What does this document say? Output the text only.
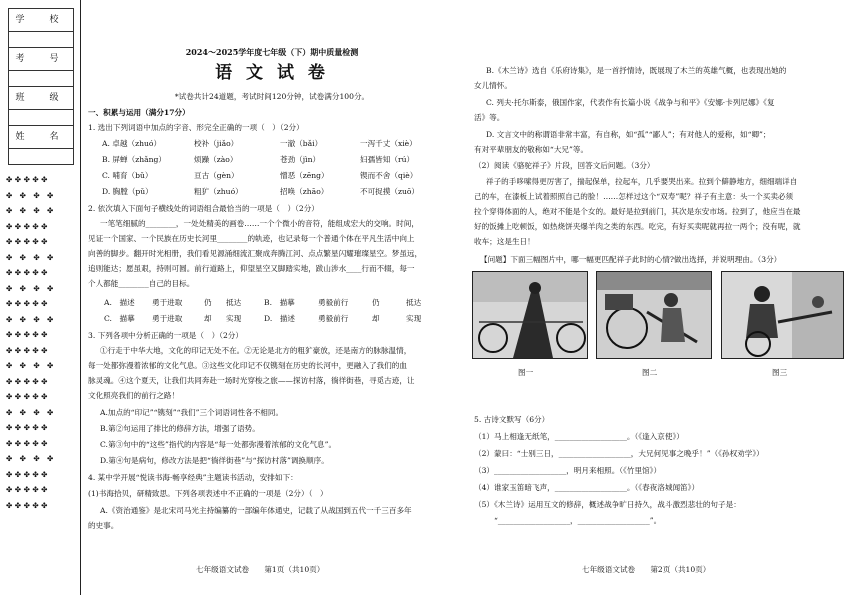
学　校
考　号
班　级
姓　名
✤✤✤✤✤
✤ ✤ ✤ ✤
✤ ✤ ✤ ✤
✤✤✤✤✤
✤✤✤✤✤
✤ ✤ ✤ ✤
✤✤✤✤✤
✤ ✤ ✤ ✤
✤✤✤✤✤
✤ ✤ ✤ ✤
✤✤✤✤✤
✤✤✤✤✤
✤ ✤ ✤ ✤
✤✤✤✤✤
✤✤✤✤✤
✤ ✤ ✤ ✤
✤✤✤✤✤
✤✤✤✤✤
✤ ✤ ✤ ✤
✤✤✤✤✤
✤✤✤✤✤
✤✤✤✤✤
2024～2025学年度七年级（下）期中质量检测
语 文 试 卷
*试卷共计24道题，考试时间120分钟，试卷满分100分。
一、积累与运用（满分17分）
1. 选出下列词语中加点的字音、形完全正确的一项（　）（2分）
A. 卓越（zhuó）	校补（jiǎo）	一澈（bǎi）	一泻千丈（xiè）
B. 屏蝉（zhǎng）	烦躁（zào）	苍劲（jìn）	妇孺皆知（rú）
C. 哺育（bǔ）	亘古（gèn）	憎恶（zēng）	锲而不舍（qiè）
D. 胸膛（pǔ）	粗犷（zhuó）	招唤（zhāo）	不可捉摸（zuō）
2. 依次填入下面句子横线处的词语组合最恰当的一项是（　）（2分）
一笔笔细腻的________，一处处精美的画卷……一个个微小的音符，能组成宏大的交响。时间，
见证一个国家、一个民族在历史长河里________的轨迹，也记录每一个普通个体在平凡生活中向上
向善的脚步。翻开时光相册，我们看见源涌细流汇聚成奔腾江河、点点繁星闪耀璀璨星空。梦虽远，
追则能达；愿虽艰，持则可圆。前行道路上，仰望星空又脚踏实地，跋山涉水____行而不辍，每一
个人都能________自己的目标。
A.　描述 勇于进取	仍 抵达	B.　描摹	勇毅前行	仍	抵达
C.　描摹 勇于进取	却 实现	D.　描述	勇毅前行	却	实现
3. 下列各项中分析正确的一项是（　）（2分）
①行走于中华大地，文化的印记无处不在。②无论是北方的粗犷豪放，还是南方的脉脉温情，
每一处都弥漫着浓郁的文化气息。③这些文化印记不仅镌刻在历史的长河中，更融入了我们的血
脉灵魂。④这个夏天，让我们共同奔赴一场时光穿梭之旅——探访村落，徜徉街巷，寻觅古迹，让
文化照亮我们的前行之路！
A.加点的“印记”“镌刻”“我们”三个词语词性各不相同。
B.第②句运用了排比的修辞方法，增强了语势。
C.第③句中的“这些”指代的内容是“每一处都弥漫着浓郁的文化气息”。
D.第④句是病句，修改方法是把“徜徉街巷”与“探访村落”调换顺序。
4. 某中学开展“悦读书海·畅享经典”主题读书活动，安排如下：
(1)书海拾贝，研精致思。下列各项表述中不正确的一项是（2分）（　）
A.《资治通鉴》是北宋司马光主持编纂的一部编年体通史，记载了从战国到五代一千三百多年
的史事。
七年级语文试卷　　第1页（共10页）
B.《木兰诗》选自《乐府诗集》，是一首抒情诗，既展现了木兰的英雄气概，也表现出她的
女儿情怀。
C. 列夫·托尔斯泰，俄国作家，代表作有长篇小说《战争与和平》《安娜·卡列尼娜》《复
活》等。
D. 文言文中的称谓语非常丰富，有自称，如“孤”“鄙人”；有对他人的爱称，如“卿”；
有对平辈朋友的敬称如“大兄”等。
（2）阅读《骆驼祥子》片段，回答文后问题。（3分）
祥子的手哆嗦得更厉害了，揣起保单，拉起车，几乎要哭出来。拉到个僻静地方，细细端详自
己的车，在漆板上试着照照自己的脸！……怎样过这个“双寿”呢？祥子有主意：头一个买卖必须
拉个穿得体面的人，绝对不能是个女的。最好是拉到前门，其次是东安市场。拉到了，他应当在最
好的饭摊上吃顿饭，如热烧饼夹爆羊肉之类的东西。吃完，有好买卖呢就再拉一两个；没有呢，就
收车；这是生日！
【问题】下面三幅图片中，哪一幅更匹配祥子此时的心情?做出选择，并说明理由。（3分）
图一	图二	图三
5. 古诗文默写（6分）
（1）马上相逢无纸笔，___________________。（《逢入京使》）
（2）蒙曰：“士别三日，___________________，大兄何见事之晚乎！”（《孙权劝学》）
（3）___________________，明月来相照。（《竹里馆》）
（4）谁家玉笛暗飞声，___________________。（《春夜洛城闻笛》）
（5）《木兰诗》运用互文的修辞，概述战争旷日持久，战斗激烈悲壮的句子是：
“___________________，___________________”。
七年级语文试卷　　第2页（共10页）
